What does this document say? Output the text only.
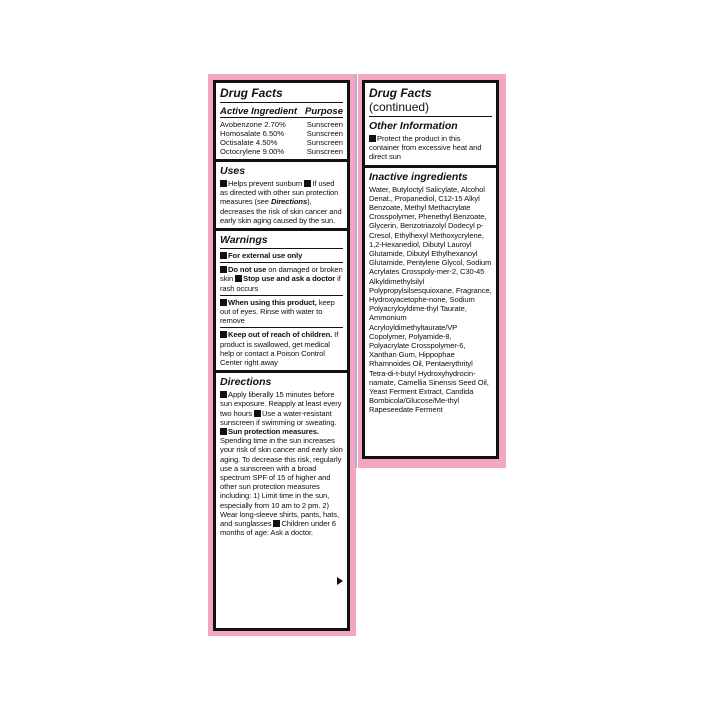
Drug Facts
Active Ingredient Purpose
Avobenzone 2.70%	Sunscreen
Homosalate 6.50%	Sunscreen
Octisalate 4.50%	Sunscreen
Octocrylene 9.00%	Sunscreen
Uses
Helps prevent sunburn If used as directed with other sun protection measures (see Directions), decreases the risk of skin cancer and early skin aging caused by the sun.
Warnings
For external use only
Do not use on damaged or broken skin Stop use and ask a doctor if rash occurs
When using this product, keep out of eyes. Rinse with water to remove
Keep out of reach of children. If product is swallowed, get medical help or contact a Poison Control Center right away
Directions
Apply liberally 15 minutes before sun exposure. Reapply at least every two hours Use a water-resistant sunscreen if swimming or sweating. Sun protection measures. Spending time in the sun increases your risk of skin cancer and early skin aging. To decrease this risk, regularly use a sunscreen with a broad spectrum SPF of 15 of higher and other sun protection measures including: 1) Limit time in the sun, especially from 10 am to 2 pm. 2) Wear long-sleeve shirts, pants, hats, and sunglasses Children under 6 months of age: Ask a doctor.
Drug Facts (continued)
Other Information
Protect the product in this container from excessive heat and direct sun
Inactive ingredients
Water, Butyloctyl Salicylate, Alcohol Denat., Propanediol, C12-15 Alkyl Benzoate, Methyl Methacrylate Crosspolymer, Phenethyl Benzoate, Glycerin, Benzotriazolyl Dodecyl p-Cresol, Ethylhexyl Methoxycrylene, 1,2-Hexanediol, Dibutyl Lauroyl Glutamide, Dibutyl Ethylhexanoyl Glutamide, Pentylene Glycol, Sodium Acrylates Crosspoly-mer-2, C30-45 Alkyldimethylsilyl Polypropylsilsesquioxane, Fragrance, Hydroxyacetophe-none, Sodium Polyacryloyldime-thyl Taurate, Ammonium Acryloyldimethyltaurate/VP Copolymer, Polyamide-8, Polyacrylate Crosspolymer-6, Xanthan Gum, Hippophae Rhamnoides Oil, Pentaerythrityl Tetra-di-t-butyl Hydroxyhydrocin-namate, Camellia Sinensis Seed Oil, Yeast Ferment Extract, Candida Bombicola/Glucose/Me-thyl Rapeseedate Ferment
